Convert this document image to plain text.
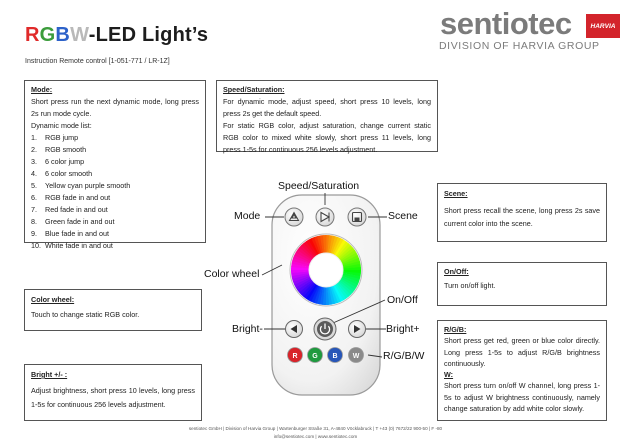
RGBW-LED Light’s
Instruction Remote control [1-051-771 / LR-1Z]
sentiotec
DIVISION OF HARVIA GROUP
HARVIA
Mode:

Short press run the next dynamic mode, long press 2s run mode cycle.

Dynamic mode list:

1. RGB jump
2. RGB smooth
3. 6 color jump
4. 6 color smooth
5. Yellow cyan purple smooth
6. RGB fade in and out
7. Red fade in and out
8. Green fade in and out
9. Blue fade in and out
10. White fade in and out
Speed/Saturation:

For dynamic mode, adjust speed, short press 10 levels, long press 2s get the default speed.

For static RGB color, adjust saturation, change current static RGB color to mixed white slowly, short press 11 levels, long press 1-5s for continuous 256 levels adjustment.

Scene:

Short press recall the scene, long press 2s save current color into the scene.

On/Off:

Turn on/off light.

Color wheel:

Touch to change static RGB color.

Bright +/- :

Adjust brightness, short press 10 levels, long press 1-5s for continuous 256 levels adjustment.

R/G/B:

Short press get red, green or blue color directly. Long press 1-5s to adjust R/G/B brightness continuously.

W:

Short press turn on/off W channel, long press 1-5s to adjust W brightness continuously, namely change saturation by add white color slowly.

Speed/Saturation
Mode	Scene
Color wheel
On/Off
Bright-	Bright+
R/G/B/W
R G B W
sentiotec GmbH | Division of Harvia Group | Wartenburger Straße 31, A-4840 Vöcklabruck | T +43 (0) 7672/22 900-50 | F -80
info@sentiotec.com | www.sentiotec.com
